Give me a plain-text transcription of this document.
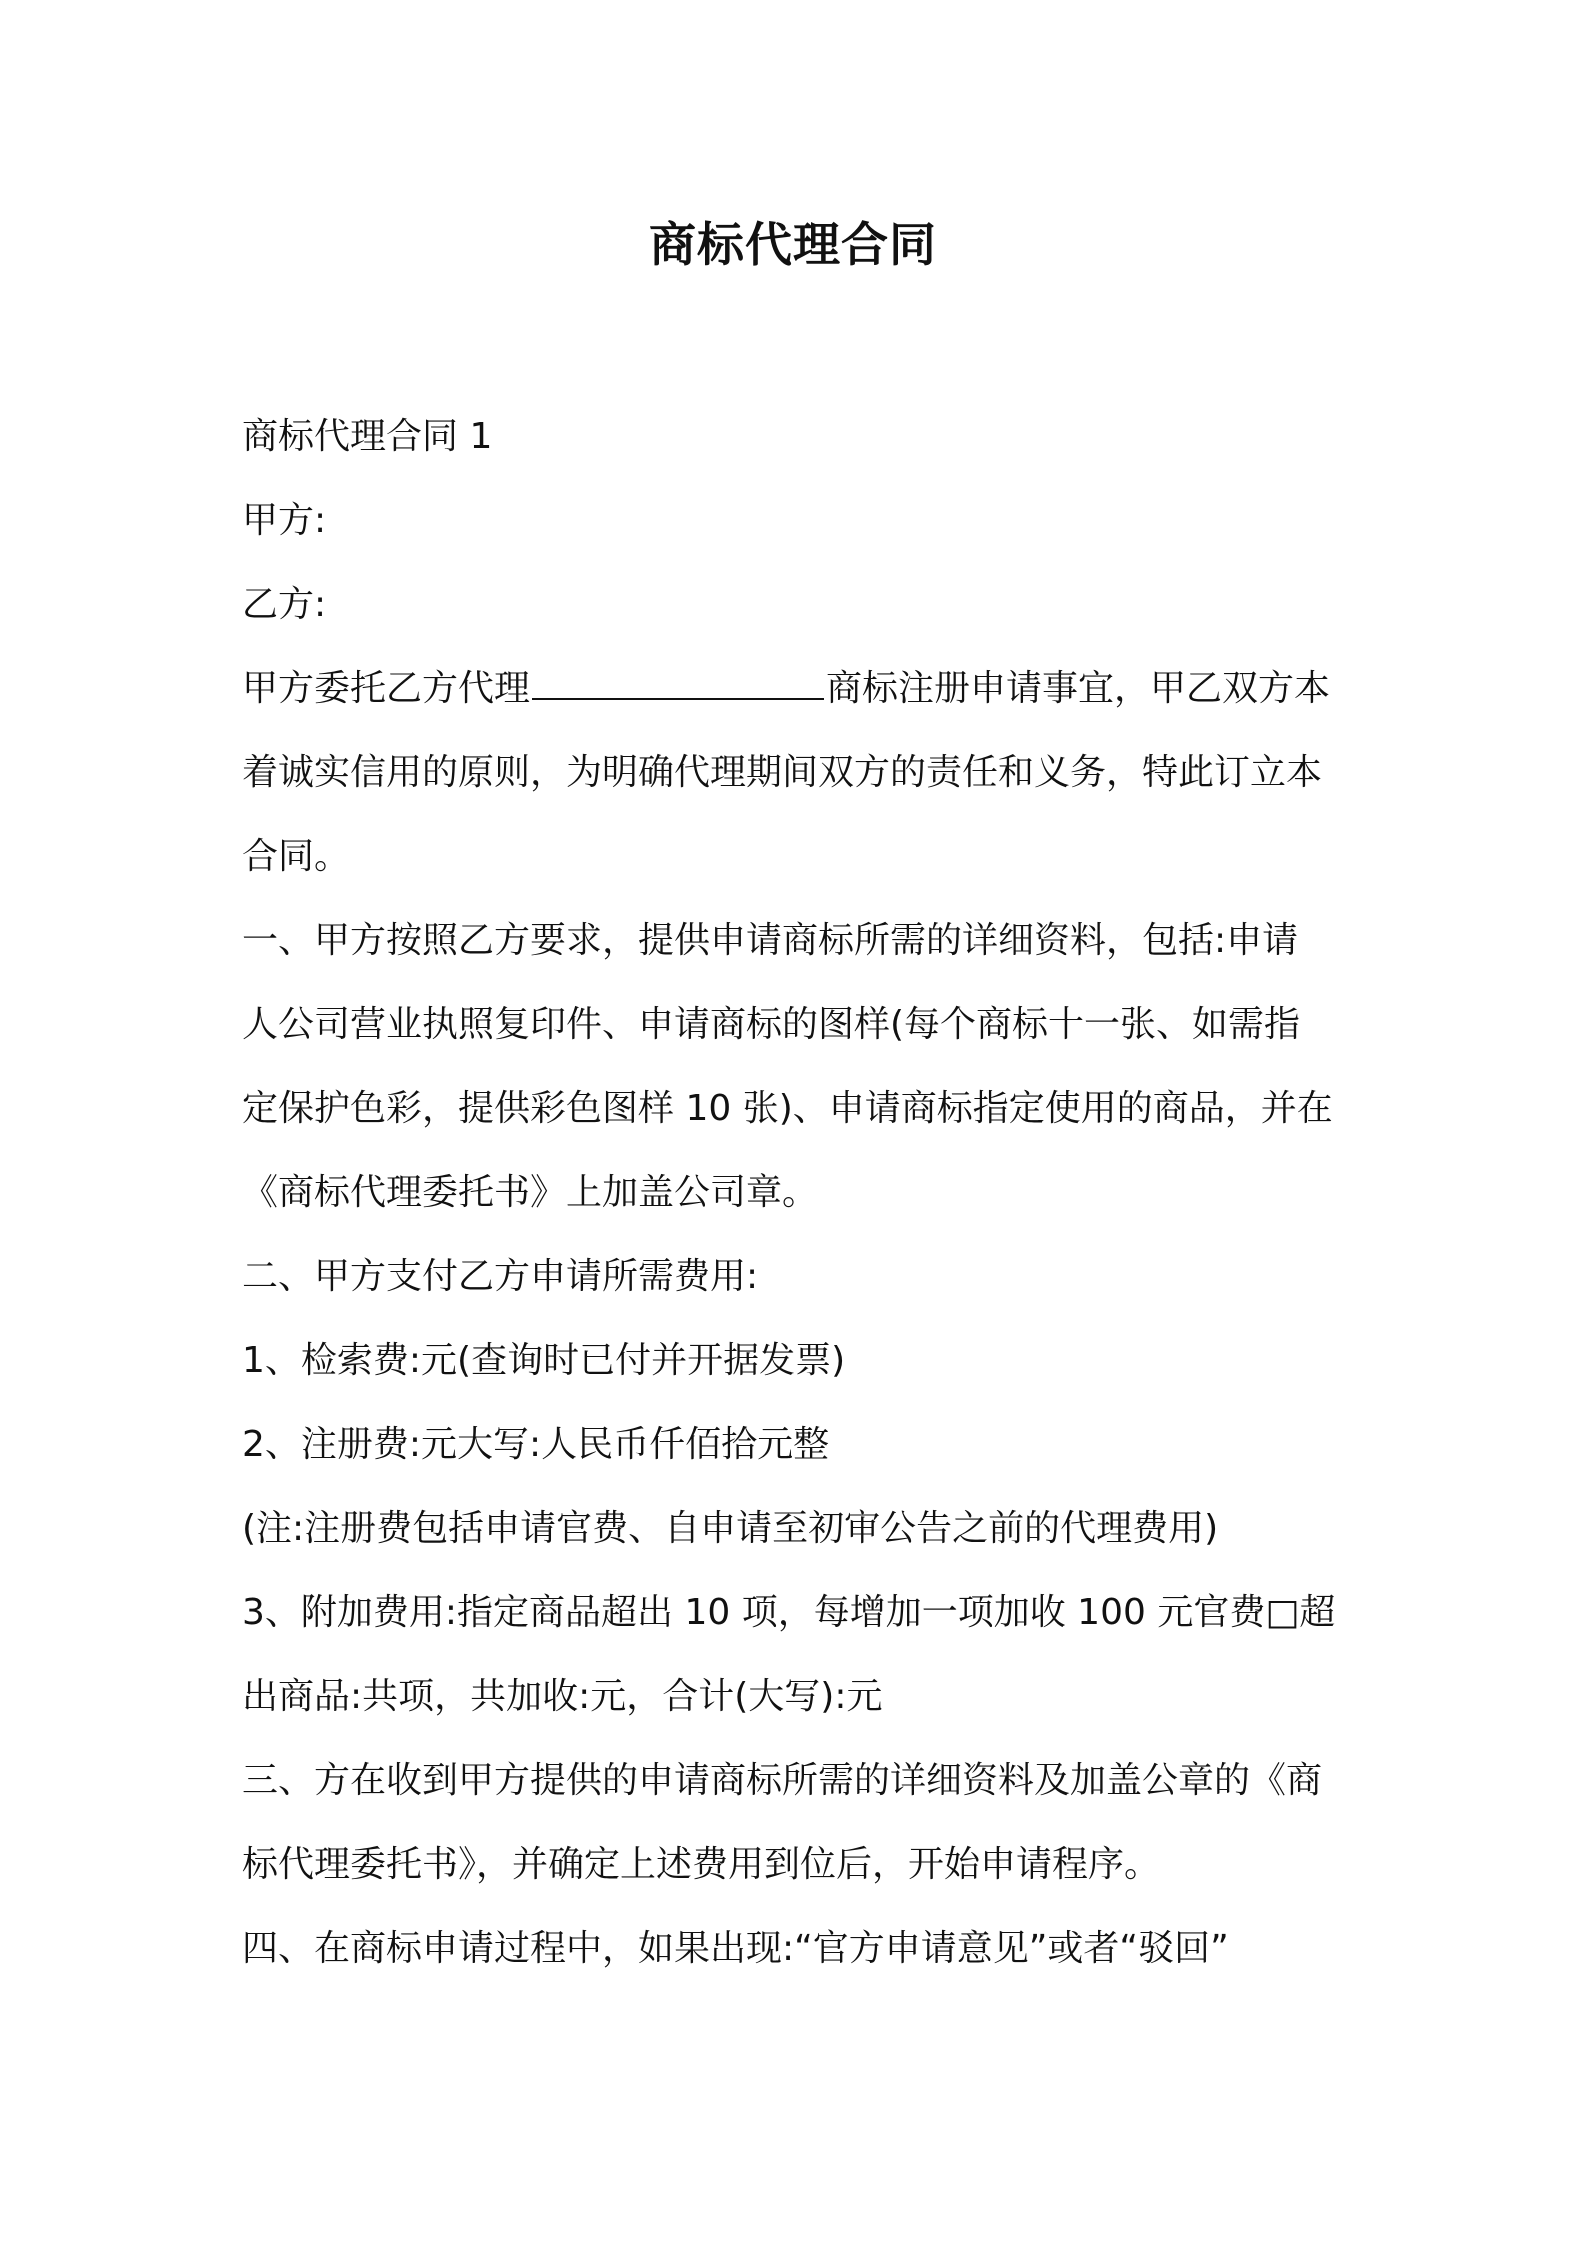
商标代理合同
商标代理合同 1
甲方:
乙方:
甲方委托乙方代理	商标注册申请事宜，甲乙双方本
着诚实信用的原则，为明确代理期间双方的责任和义务，特此订立本
合同。
一、甲方按照乙方要求，提供申请商标所需的详细资料，包括:申请
人公司营业执照复印件、申请商标的图样(每个商标十一张、如需指
定保护色彩，提供彩色图样 10 张)、申请商标指定使用的商品，并在
《商标代理委托书》上加盖公司章。
二、甲方支付乙方申请所需费用:
1、检索费:元(查询时已付并开据发票)
2、注册费:元大写:人民币仟佰拾元整
(注:注册费包括申请官费、自申请至初审公告之前的代理费用)
3、附加费用:指定商品超出 10 项，每增加一项加收 100 元官费□超
出商品:共项，共加收:元，合计(大写):元
三、方在收到甲方提供的申请商标所需的详细资料及加盖公章的《商
标代理委托书》，并确定上述费用到位后，开始申请程序。
四、在商标申请过程中，如果出现:“官方申请意见”或者“驳回”
